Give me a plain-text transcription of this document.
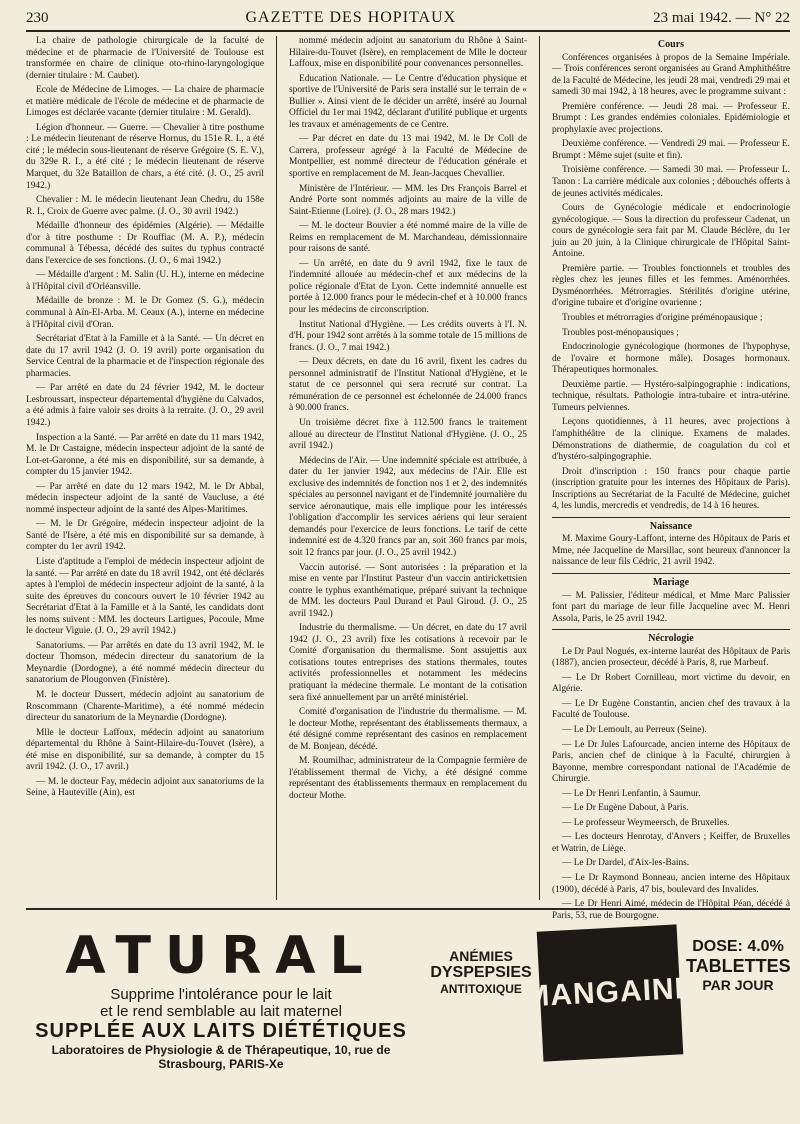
230	GAZETTE DES HOPITAUX	23 mai 1942. — N° 22

La chaire de pathologie chirurgicale de la faculté de médecine et de pharmacie de l'Université de Toulouse est transformée en chaire de clinique oto-rhino-laryngologique (dernier titulaire : M. Caubet).

Ecole de Médecine de Limoges. — La chaire de pharmacie et matière médicale de l'école de médecine et de pharmacie de Limoges est déclarée vacante (dernier titulaire : M. Gerald).

Légion d'honneur. — Guerre. — Chevalier à titre posthume : Le médecin lieutenant de réserve Hornus, du 151e R. I., a été cité ; le médecin sous-lieutenant de réserve Grégoire (S. E. V.), du 329e R. I., a été cité ; le médecin lieutenant de réserve Marquet, du 32e Bataillon de chars, a été cité. (J. O., 25 avril 1942.)

Chevalier : M. le médecin lieutenant Jean Chedru, du 158e R. I., Croix de Guerre avec palme. (J. O., 30 avril 1942.)

Médaille d'honneur des épidémies (Algérie). — Médaille d'or à titre posthume : Dr Rouffiac (M. A. P.), médecin communal à Tébessa, décédé des suites du typhus contracté dans l'exercice de ses fonctions. (J. O., 6 mai 1942.)

— Médaille d'argent : M. Salin (U. H.), interne en médecine à l'Hôpital civil d'Orléansville.

Médaille de bronze : M. le Dr Gomez (S. G.), médecin communal à Aïn-El-Arba. M. Ceaux (A.), interne en médecine à l'Hôpital civil d'Oran.

Secrétariat d'Etat à la Famille et à la Santé. — Un décret en date du 17 avril 1942 (J. O. 19 avril) porte organisation du Service Central de la pharmacie et de l'inspection régionale des pharmacies.

— Par arrêté en date du 24 février 1942, M. le docteur Lesbroussart, inspecteur départemental d'hygiène du Calvados, a été admis à faire valoir ses droits à la retraite. (J. O., 29 avril 1942.)

Inspection a la Santé. — Par arrêté en date du 11 mars 1942, M. le Dr Castaigne, médecin inspecteur adjoint de la santé de Lot-et-Garonne, a été mis en disponibilité, sur sa demande, à compter du 15 janvier 1942.

— Par arrêté en date du 12 mars 1942, M. le Dr Abbal, médecin inspecteur adjoint de la santé de Vaucluse, a été nommé inspecteur adjoint de la santé des Alpes-Maritimes.

— M. le Dr Grégoire, médecin inspecteur adjoint de la Santé de l'Isère, a été mis en disponibilité sur sa demande, à compter du 1er avril 1942.

Liste d'aptitude a l'emploi de médecin inspecteur adjoint de la santé. — Par arrêté en date du 18 avril 1942, ont été déclarés aptes à l'emploi de médecin inspecteur adjoint de la santé, à la suite des épreuves du concours ouvert le 10 février 1942 au Secrétariat d'Etat à la Famille et à la Santé, les candidats dont les noms suivent : MM. les docteurs Lartigues, Pocoule, Mme le docteur Viguie. (J. O., 29 avril 1942.)

Sanatoriums. — Par arrêtés en date du 13 avril 1942, M. le docteur Thomson, médecin directeur du sanatorium de la Meynardie (Dordogne), a été nommé médecin directeur du sanatorium de Plougonven (Finistère).

M. le docteur Dussert, médecin adjoint au sanatorium de Roscommann (Charente-Maritime), a été nommé médecin directeur du sanatorium de la Meynardie (Dordogne).

Mlle le docteur Laffoux, médecin adjoint au sanatorium départemental du Rhône à Saint-Hilaire-du-Touvet (Isère), a été mise en disponibilité, sur sa demande, à compter du 15 avril 1942. (J. O., 17 avril.)

— M. le docteur Fay, médecin adjoint aux sanatoriums de la Seine, à Hauteville (Ain), est

nommé médecin adjoint au sanatorium du Rhône à Saint-Hilaire-du-Touvet (Isère), en remplacement de Mlle le docteur Laffoux, mise en disponibilité pour convenances personnelles.

Education Nationale. — Le Centre d'éducation physique et sportive de l'Université de Paris sera installé sur le terrain de « Bullier ». Ainsi vient de le décider un arrêté, inséré au Journal Officiel du 1er mai 1942, déclarant d'utilité publique et urgents les travaux et aménagements de ce Centre.

— Par décret en date du 13 mai 1942, M. le Dr Coll de Carrera, professeur agrégé à la Faculté de Médecine de Montpellier, est nommé directeur de l'éducation générale et sportive en remplacement de M. Jean-Jacques Chevallier.

Ministère de l'Intérieur. — MM. les Drs François Barrel et André Porte sont nommés adjoints au maire de la ville de Saint-Etienne (Loire). (J. O., 28 mars 1942.)

— M. le docteur Bouvier a été nommé maire de la ville de Reims en remplacement de M. Marchandeau, démissionnaire pour raisons de santé.

— Un arrêté, en date du 9 avril 1942, fixe le taux de l'indemnité allouée au médecin-chef et aux médecins de la police régionale d'Etat de Lyon. Cette indemnité annuelle est portée à 12.000 francs pour le médecin-chef et à 10.000 francs pour les médecins de circonscription.

Institut National d'Hygiène. — Les crédits ouverts à l'I. N. d'H. pour 1942 sont arrêtés à la somme totale de 15 millions de francs. (J. O., 7 mai 1942.)

— Deux décrets, en date du 16 avril, fixent les cadres du personnel administratif de l'Institut National d'Hygiène, et le statut de ce personnel qui sera recruté sur contrat. La rémunération de ce personnel est échelonnée de 24.000 francs à 90.000 francs.

Un troisième décret fixe à 112.500 francs le traitement alloué au directeur de l'Institut National d'Hygiène. (J. O., 25 avril 1942.)

Médecins de l'Air. — Une indemnité spéciale est attribuée, à dater du 1er janvier 1942, aux médecins de l'Air. Elle est exclusive des indemnités de fonction nos 1 et 2, des indemnités spéciales au personnel navigant et de l'indemnité journalière du service aéronautique, mais elle implique pour les intéressés l'obligation d'accomplir les services aériens qui leur seraient demandés pour l'exercice de leurs fonctions. Le tarif de cette indemnité est de 4.320 francs par an, soit 360 francs par mois, soit 12 francs par jour. (J. O., 25 avril 1942.)

Vaccin autorisé. — Sont autorisées : la préparation et la mise en vente par l'Institut Pasteur d'un vaccin antirickettsien contre le typhus exanthématique, préparé suivant la technique de MM. les docteurs Paul Durand et Paul Giroud. (J. O., 25 avril 1942.)

Industrie du thermalisme. — Un décret, en date du 17 avril 1942 (J. O., 23 avril) fixe les cotisations à recevoir par le Comité d'organisation du thermalisme. Sont assujettis aux cotisations toutes entreprises des stations thermales, toutes activités professionnelles et notamment les médecins pratiquant la médecine thermale. Le montant de la cotisation sera fixé annuellement par un arrêté ministériel.

Comité d'organisation de l'industrie du thermalisme. — M. le docteur Mothe, représentant des établissements thermaux, a été désigné comme représentant des casinos en remplacement de M. Bonjean, décédé.

M. Roumilhac, administrateur de la Compagnie fermière de l'établissement thermal de Vichy, a été désigné comme représentant des établissements thermaux en remplacement du docteur Mothe.

Cours

Conférences organisées à propos de la Semaine Impériale. — Trois conférences seront organisées au Grand Amphithéâtre de la Faculté de Médecine, les jeudi 28 mai, vendredi 29 mai et samedi 30 mai 1942, à 18 heures, avec le programme suivant :

Première conférence. — Jeudi 28 mai. — Professeur E. Brumpt : Les grandes endémies coloniales. Epidémiologie et prophylaxie avec projections.

Deuxième conférence. — Vendredi 29 mai. — Professeur E. Brumpt : Même sujet (suite et fin).

Troisième conférence. — Samedi 30 mai. — Professeur L. Tanon : La carrière médicale aux colonies ; débouchés offerts à de jeunes activités médicales.

Cours de Gynécologie médicale et endocrinologie gynécologique. — Sous la direction du professeur Cadenat, un cours de gynécologie sera fait par M. Claude Béclère, du 1er juin au 20 juin, à la Clinique chirurgicale de l'Hôpital Saint-Antoine.

Première partie. — Troubles fonctionnels et troubles des règles chez les jeunes filles et les femmes. Aménorrhées. Dysménorrhées. Métrorragies. Stérilités d'origine utérine, d'origine tubaire et d'origine ovarienne ;

Troubles et métrorragies d'origine préménopausique ;

Troubles post-ménopausiques ;

Endocrinologie gynécologique (hormones de l'hypophyse, de l'ovaire et hormone mâle). Dosages hormonaux. Thérapeutiques hormonales.

Deuxième partie. — Hystéro-salpingographie : indications, technique, résultats. Pathologie intra-tubaire et intra-utérine. Tumeurs pelviennes.

Leçons quotidiennes, à 11 heures, avec projections à l'amphithéâtre de la clinique. Examens de malades. Démonstrations de diathermie, de coagulation du col et d'hystéro-salpingographie.

Droit d'inscription : 150 francs pour chaque partie (inscription gratuite pour les internes des Hôpitaux de Paris). Inscriptions au Secrétariat de la Faculté de Médecine, guichet 4, les lundis, mercredis et vendredis, de 14 à 16 heures.

Naissance

M. Maxime Goury-Laffont, interne des Hôpitaux de Paris et Mme, née Jacqueline de Marsillac, sont heureux d'annoncer la naissance de leur fils Cédric, 21 avril 1942.

Mariage

— M. Palissier, l'éditeur médical, et Mme Marc Palissier font part du mariage de leur fille Jacqueline avec M. Henri Assola, Paris, le 25 avril 1942.

Nécrologie

Le Dr Paul Nogués, ex-interne lauréat des Hôpitaux de Paris (1887), ancien prosecteur, décédé à Paris, 8, rue Marbeuf.

— Le Dr Robert Cornilleau, mort victime du devoir, en Algérie.

— Le Dr Eugène Constantin, ancien chef des travaux à la Faculté de Toulouse.

— Le Dr Lemoult, au Perreux (Seine).

— Le Dr Jules Lafourcade, ancien interne des Hôpitaux de Paris, ancien chef de clinique à la Faculté, chirurgien à Bayonne, membre correspondant national de l'Académie de Chirurgie.

— Le Dr Henri Lenfantin, à Saumur.

— Le Dr Eugène Dabout, à Paris.

— Le professeur Weymeersch, de Bruxelles.

— Les docteurs Henrotay, d'Anvers ; Keiffer, de Bruxelles et Watrin, de Liège.

— Le Dr Dardel, d'Aix-les-Bains.

— Le Dr Raymond Bonneau, ancien interne des Hôpitaux (1900), décédé à Paris, 47 bis, boulevard des Invalides.

— Le Dr Henri Aimé, médecin de l'Hôpital Péan, décédé à Paris, 53, rue de Bourgogne.

ATURAL
Supprime l'intolérance pour le lait
et le rend semblable au lait maternel
SUPPLÉE AUX LAITS DIÉTÉTIQUES
Laboratoires de Physiologie & de Thérapeutique, 10, rue de Strasbourg, PARIS-Xe
ANÉMIES
DYSPEPSIES
ANTITOXIQUE MANGAINE
DOSE: 4.0%
TABLETTES
PAR JOUR
